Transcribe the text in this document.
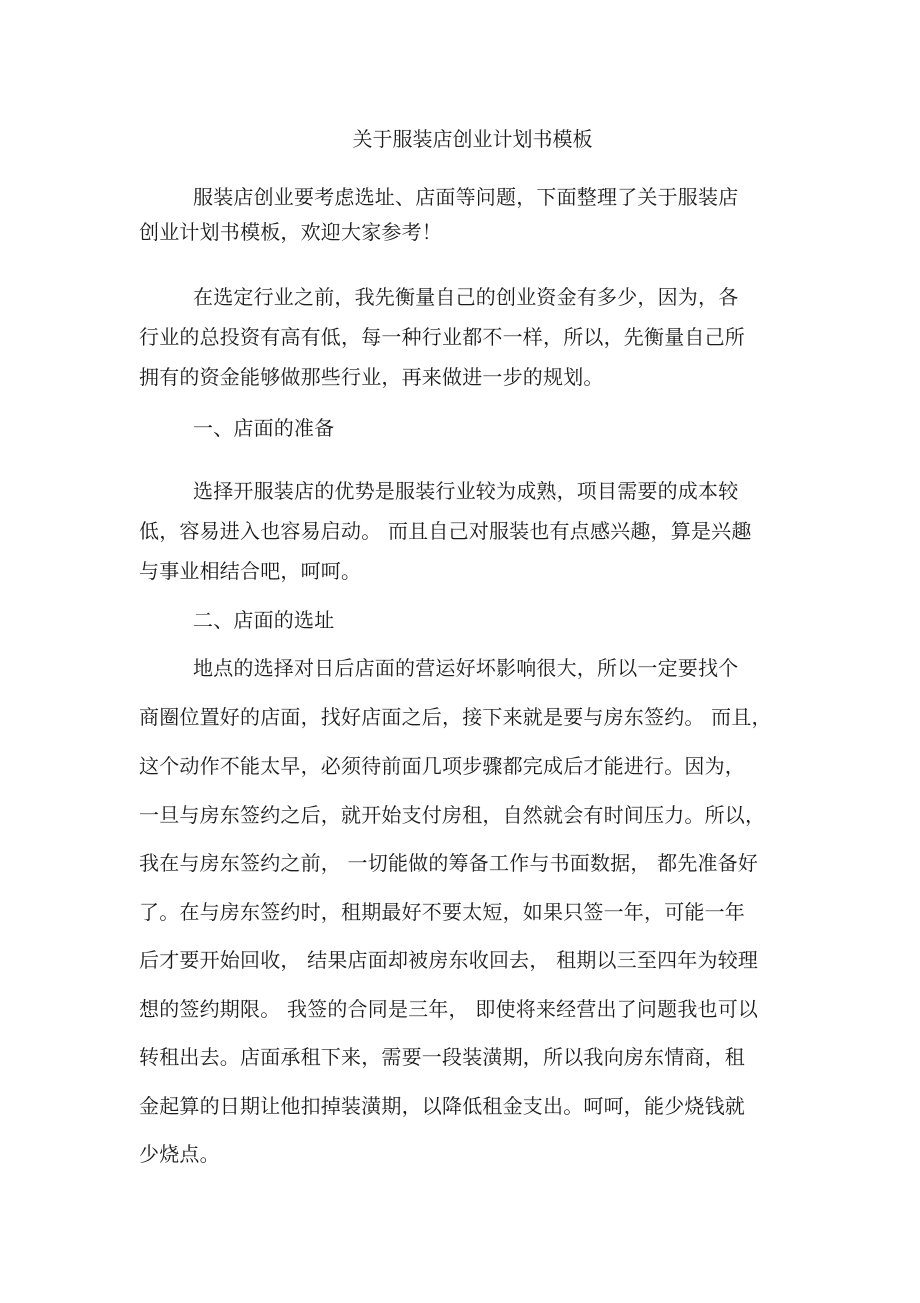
关于服装店创业计划书模板
服装店创业要考虑选址、店面等问题，下面整理了关于服装店
创业计划书模板，欢迎大家参考！
在选定行业之前，我先衡量自己的创业资金有多少，因为，各
行业的总投资有高有低，每一种行业都不一样，所以，先衡量自己所
拥有的资金能够做那些行业，再来做进一步的规划。
一、店面的准备
选择开服装店的优势是服装行业较为成熟，项目需要的成本较
低，容易进入也容易启动。 而且自己对服装也有点感兴趣，算是兴趣
与事业相结合吧，呵呵。
二、店面的选址
地点的选择对日后店面的营运好坏影响很大，所以一定要找个
商圈位置好的店面，找好店面之后，接下来就是要与房东签约。 而且，
这个动作不能太早，必须待前面几项步骤都完成后才能进行。因为，
一旦与房东签约之后，就开始支付房租，自然就会有时间压力。所以，
我在与房东签约之前， 一切能做的筹备工作与书面数据， 都先准备好
了。在与房东签约时，租期最好不要太短，如果只签一年，可能一年
后才要开始回收， 结果店面却被房东收回去， 租期以三至四年为较理
想的签约期限。 我签的合同是三年， 即使将来经营出了问题我也可以
转租出去。店面承租下来，需要一段装潢期，所以我向房东情商，租
金起算的日期让他扣掉装潢期，以降低租金支出。呵呵，能少烧钱就
少烧点。
